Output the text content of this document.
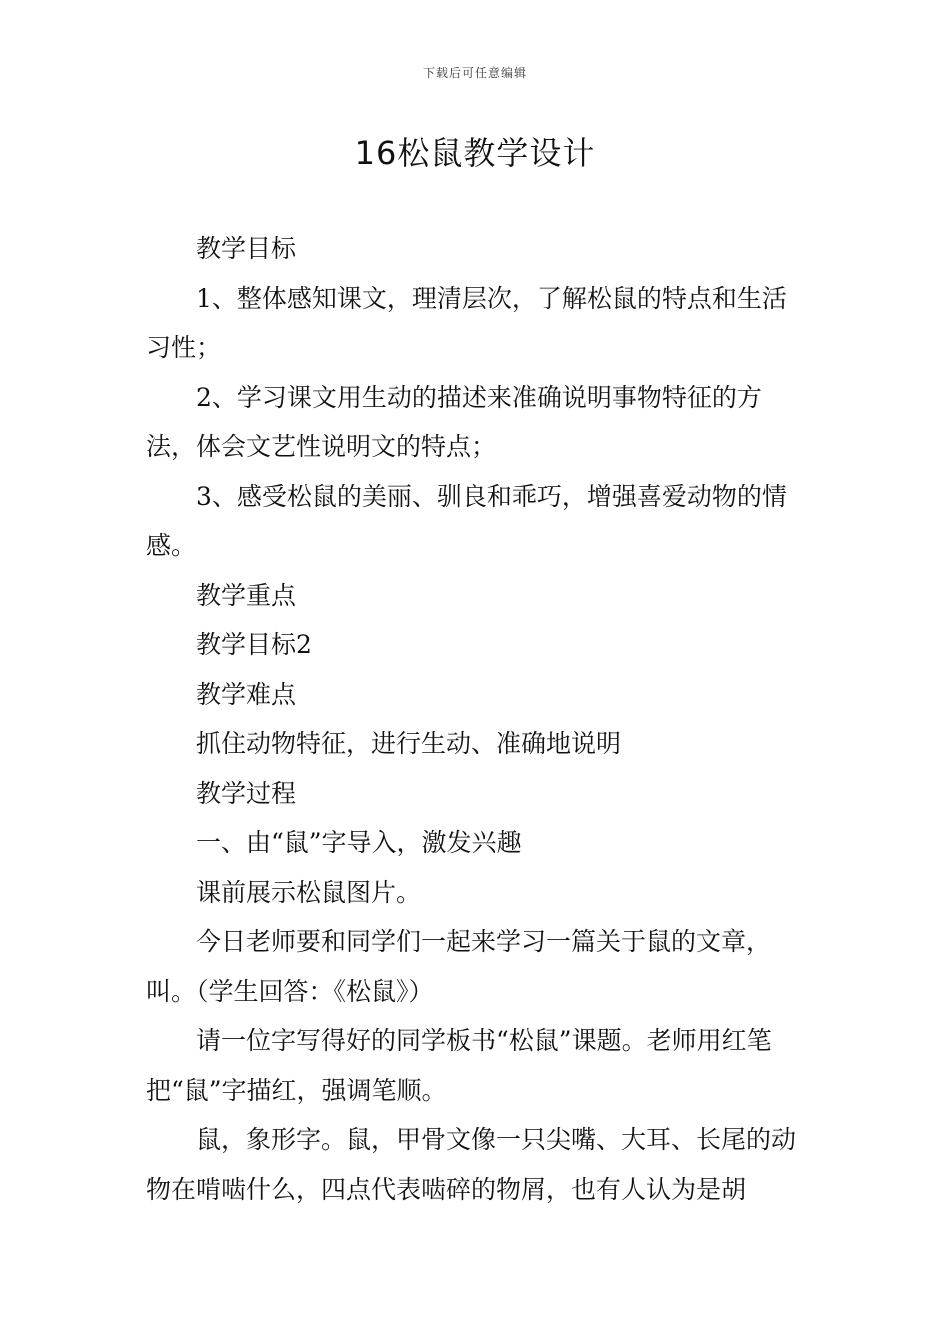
下载后可任意编辑
16松鼠教学设计

教学目标

1、整体感知课文，理清层次，了解松鼠的特点和生活习性；

2、学习课文用生动的描述来准确说明事物特征的方法，体会文艺性说明文的特点；

3、感受松鼠的美丽、驯良和乖巧，增强喜爱动物的情感。

教学重点

教学目标2

教学难点

抓住动物特征，进行生动、准确地说明

教学过程

一、由“鼠”字导入，激发兴趣

课前展示松鼠图片。

今日老师要和同学们一起来学习一篇关于鼠的文章，叫。（学生回答：《松鼠》）

请一位字写得好的同学板书“松鼠”课题。老师用红笔把“鼠”字描红，强调笔顺。

鼠，象形字。鼠，甲骨文像一只尖嘴、大耳、长尾的动物在啃啮什么，四点代表啮碎的物屑，也有人认为是胡
